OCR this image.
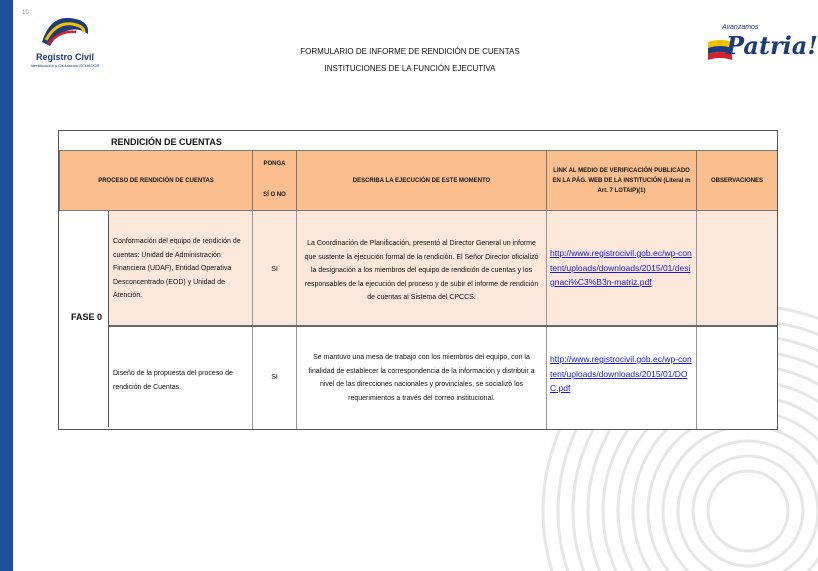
10
Registro Civil
Identificación y Cedulación ECUADOR
Avanzamos
Patria!
FORMULARIO DE INFORME DE RENDICIÓN DE CUENTAS
INSTITUCIONES DE LA FUNCIÓN EJECUTIVA
RENDICIÓN DE CUENTAS
PROCESO DE RENDICIÓN DE CUENTAS
PONGA
SÍ O NO
DESCRIBA LA EJECUCIÓN DE ESTE MOMENTO
LINK AL MEDIO DE VERIFICACIÓN PUBLICADO EN LA PÁG. WEB DE LA INSTITUCIÓN (Literal m Art. 7 LOTAIP)(1)
OBSERVACIONES
FASE 0
Conformación del equipo de rendición de cuentas: Unidad de Administración Financiera (UDAF), Entidad Operativa Desconcentrado (EOD) y Unidad de Atención.
SI
La Coordinación de Planificación, presentó al Director General un informe que sustente la ejecución formal de la rendición. El Señor Director oficializó la designación a los miembros del equipo de rendición de cuentas y los responsables de la ejecución del proceso y de subir el informe de rendición de cuentas al Sistema del CPCCS.
http://www.registrocivil.gob.ec/wp-content/uploads/downloads/2015/01/designaci%C3%B3n-matriz.pdf
Diseño de la propuesta del proceso de rendición de Cuentas.
SI
Se mantuvo una mesa de trabajo con los miembros del equipo, con la finalidad de establecer la correspondencia de la información y distribuir a nivel de las direcciones nacionales y provinciales, se socializó los requerimientos a través del correo institucional.
http://www.registrocivil.gob.ec/wp-content/uploads/downloads/2015/01/DOC.pdf
